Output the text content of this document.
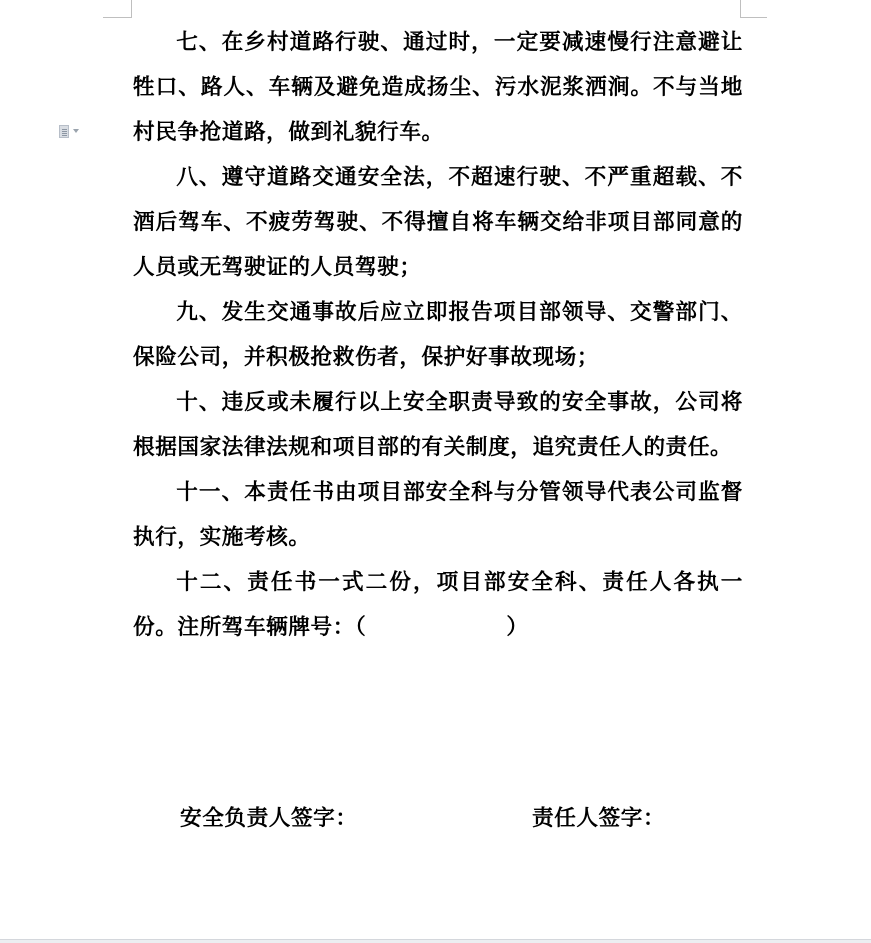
七、在乡村道路行驶、通过时，一定要减速慢行注意避让牲口、路人、车辆及避免造成扬尘、污水泥浆洒涧。不与当地村民争抢道路，做到礼貌行车。

八、遵守道路交通安全法，不超速行驶、不严重超载、不酒后驾车、不疲劳驾驶、不得擅自将车辆交给非项目部同意的人员或无驾驶证的人员驾驶；

九、发生交通事故后应立即报告项目部领导、交警部门、保险公司，并积极抢救伤者，保护好事故现场；

十、违反或未履行以上安全职责导致的安全事故，公司将根据国家法律法规和项目部的有关制度，追究责任人的责任。

十一、本责任书由项目部安全科与分管领导代表公司监督执行，实施考核。

十二、责任书一式二份，项目部安全科、责任人各执一份。注所驾车辆牌号：（	）

安全负责人签字：	责任人签字：
